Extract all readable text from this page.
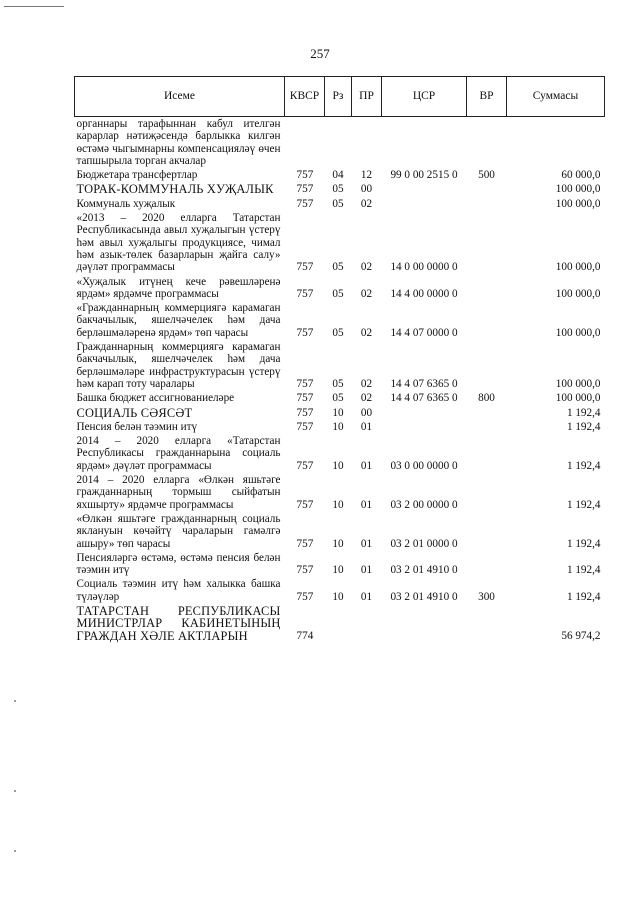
257
Исеме	КВСР	Рз	ПР	ЦСР	ВР	Суммасы
органнары тарафыннан кабул ителгән карарлар нәтиҗәсендә барлыкка килгән өстәмә чыгымнарны компенсацияләү өчен тапшырыла торган акчалар						
Бюджетара трансфертлар	757	04	12	99 0 00 2515 0	500	60 000,0
ТОРАК-КОММУНАЛЬ ХУҖАЛЫК	757	05	00			100 000,0
Коммуналь хуҗалык	757	05	02			100 000,0
«2013 – 2020 елларга Татарстан Республикасында авыл хуҗалыгын үстерү һәм авыл хуҗалыгы продукциясе, чимал һәм азык-төлек базарларын җайга салу» дәүләт программасы	757	05	02	14 0 00 0000 0		100 000,0
«Хуҗалык итүнең кече рәвешләренә ярдәм» ярдәмче программасы	757	05	02	14 4 00 0000 0		100 000,0
«Гражданнарның коммерциягә карамаган бакчачылык, яшелчәчелек һәм дача берләшмәләренә ярдәм» төп чарасы	757	05	02	14 4 07 0000 0		100 000,0
Гражданнарның коммерциягә карамаган бакчачылык, яшелчәчелек һәм дача берләшмәләре инфраструктурасын үстерү һәм карап тоту чаралары	757	05	02	14 4 07 6365 0		100 000,0
Башка бюджет ассигнованиеләре	757	05	02	14 4 07 6365 0	800	100 000,0
СОЦИАЛЬ СӘЯСӘТ	757	10	00			1 192,4
Пенсия белән тәэмин итү	757	10	01			1 192,4
2014 – 2020 елларга «Татарстан Республикасы гражданнарына социаль ярдәм» дәүләт программасы	757	10	01	03 0 00 0000 0		1 192,4
2014 – 2020 елларга «Өлкән яшьтәге гражданнарның тормыш сыйфатын яхшырту» ярдәмче программасы	757	10	01	03 2 00 0000 0		1 192,4
«Өлкән яшьтәге гражданнарның социаль яклануын көчәйтү чараларын гамәлгә ашыру» төп чарасы	757	10	01	03 2 01 0000 0		1 192,4
Пенсияләргә өстәмә, өстәмә пенсия белән тәэмин итү	757	10	01	03 2 01 4910 0		1 192,4
Социаль тәэмин итү һәм халыкка башка түләүләр	757	10	01	03 2 01 4910 0	300	1 192,4
ТАТАРСТАН РЕСПУБЛИКАСЫ МИНИСТРЛАР КАБИНЕТЫНЫҢ ГРАЖДАН ХӘЛЕ АКТЛАРЫН	774					56 974,2
